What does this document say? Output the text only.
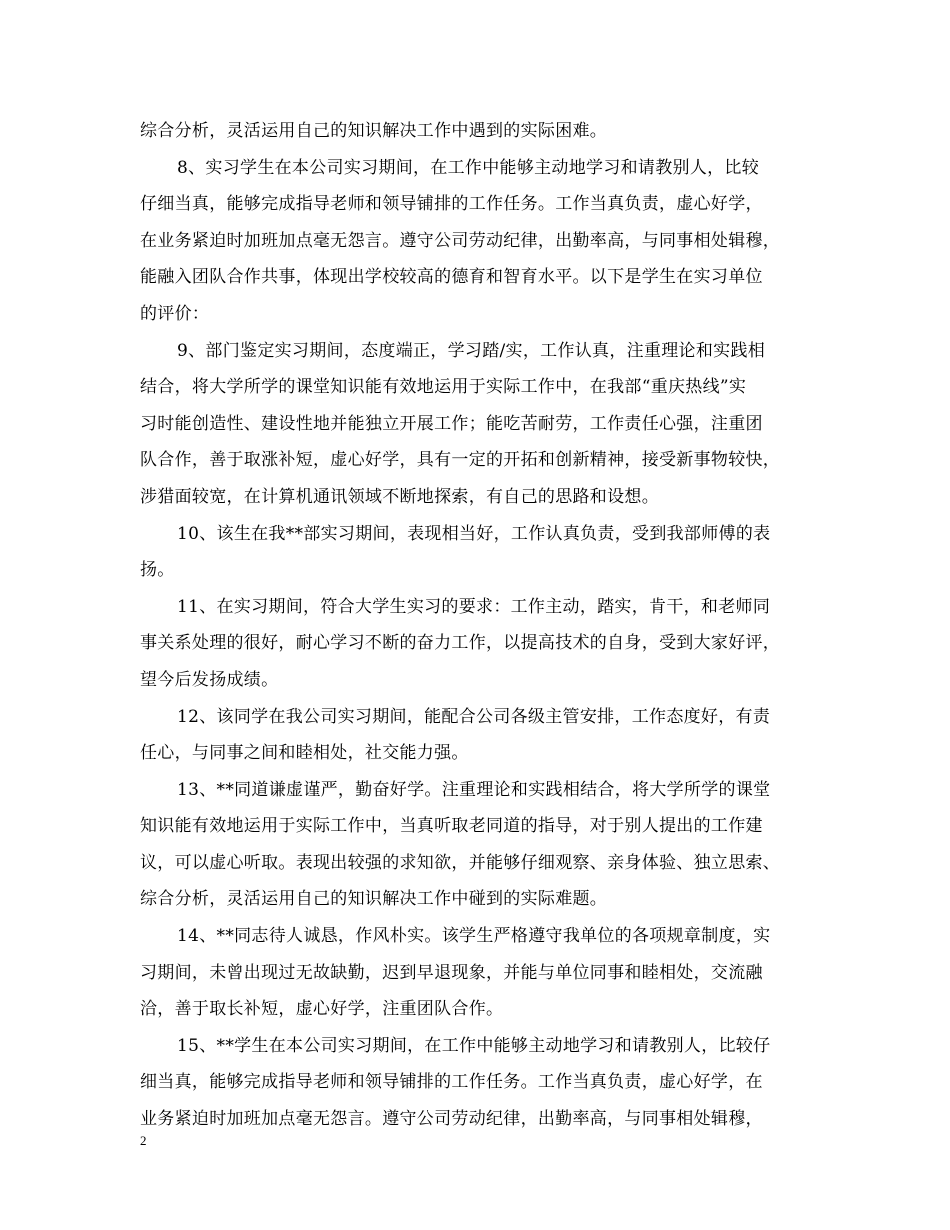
综合分析，灵活运用自己的知识解决工作中遇到的实际困难。
8、实习学生在本公司实习期间，在工作中能够主动地学习和请教别人，比较
仔细当真，能够完成指导老师和领导铺排的工作任务。工作当真负责，虚心好学，
在业务紧迫时加班加点毫无怨言。遵守公司劳动纪律，出勤率高，与同事相处辑穆，
能融入团队合作共事，体现出学校较高的德育和智育水平。以下是学生在实习单位
的评价：
9、部门鉴定实习期间，态度端正，学习踏/实，工作认真，注重理论和实践相
结合，将大学所学的课堂知识能有效地运用于实际工作中，在我部“重庆热线”实
习时能创造性、建设性地并能独立开展工作；能吃苦耐劳，工作责任心强，注重团
队合作，善于取涨补短，虚心好学，具有一定的开拓和创新精神，接受新事物较快，
涉猎面较宽，在计算机通讯领域不断地探索，有自己的思路和设想。
10、该生在我**部实习期间，表现相当好，工作认真负责，受到我部师傅的表
扬。
11、在实习期间，符合大学生实习的要求：工作主动，踏实，肯干，和老师同
事关系处理的很好，耐心学习不断的奋力工作，以提高技术的自身，受到大家好评，
望今后发扬成绩。
12、该同学在我公司实习期间，能配合公司各级主管安排，工作态度好，有责
任心，与同事之间和睦相处，社交能力强。
13、**同道谦虚谨严，勤奋好学。注重理论和实践相结合，将大学所学的课堂
知识能有效地运用于实际工作中，当真听取老同道的指导，对于别人提出的工作建
议，可以虚心听取。表现出较强的求知欲，并能够仔细观察、亲身体验、独立思索、
综合分析，灵活运用自己的知识解决工作中碰到的实际难题。
14、**同志待人诚恳，作风朴实。该学生严格遵守我单位的各项规章制度，实
习期间，未曾出现过无故缺勤，迟到早退现象，并能与单位同事和睦相处，交流融
洽，善于取长补短，虚心好学，注重团队合作。
15、**学生在本公司实习期间，在工作中能够主动地学习和请教别人，比较仔
细当真，能够完成指导老师和领导铺排的工作任务。工作当真负责，虚心好学，在
业务紧迫时加班加点毫无怨言。遵守公司劳动纪律，出勤率高，与同事相处辑穆，
2
